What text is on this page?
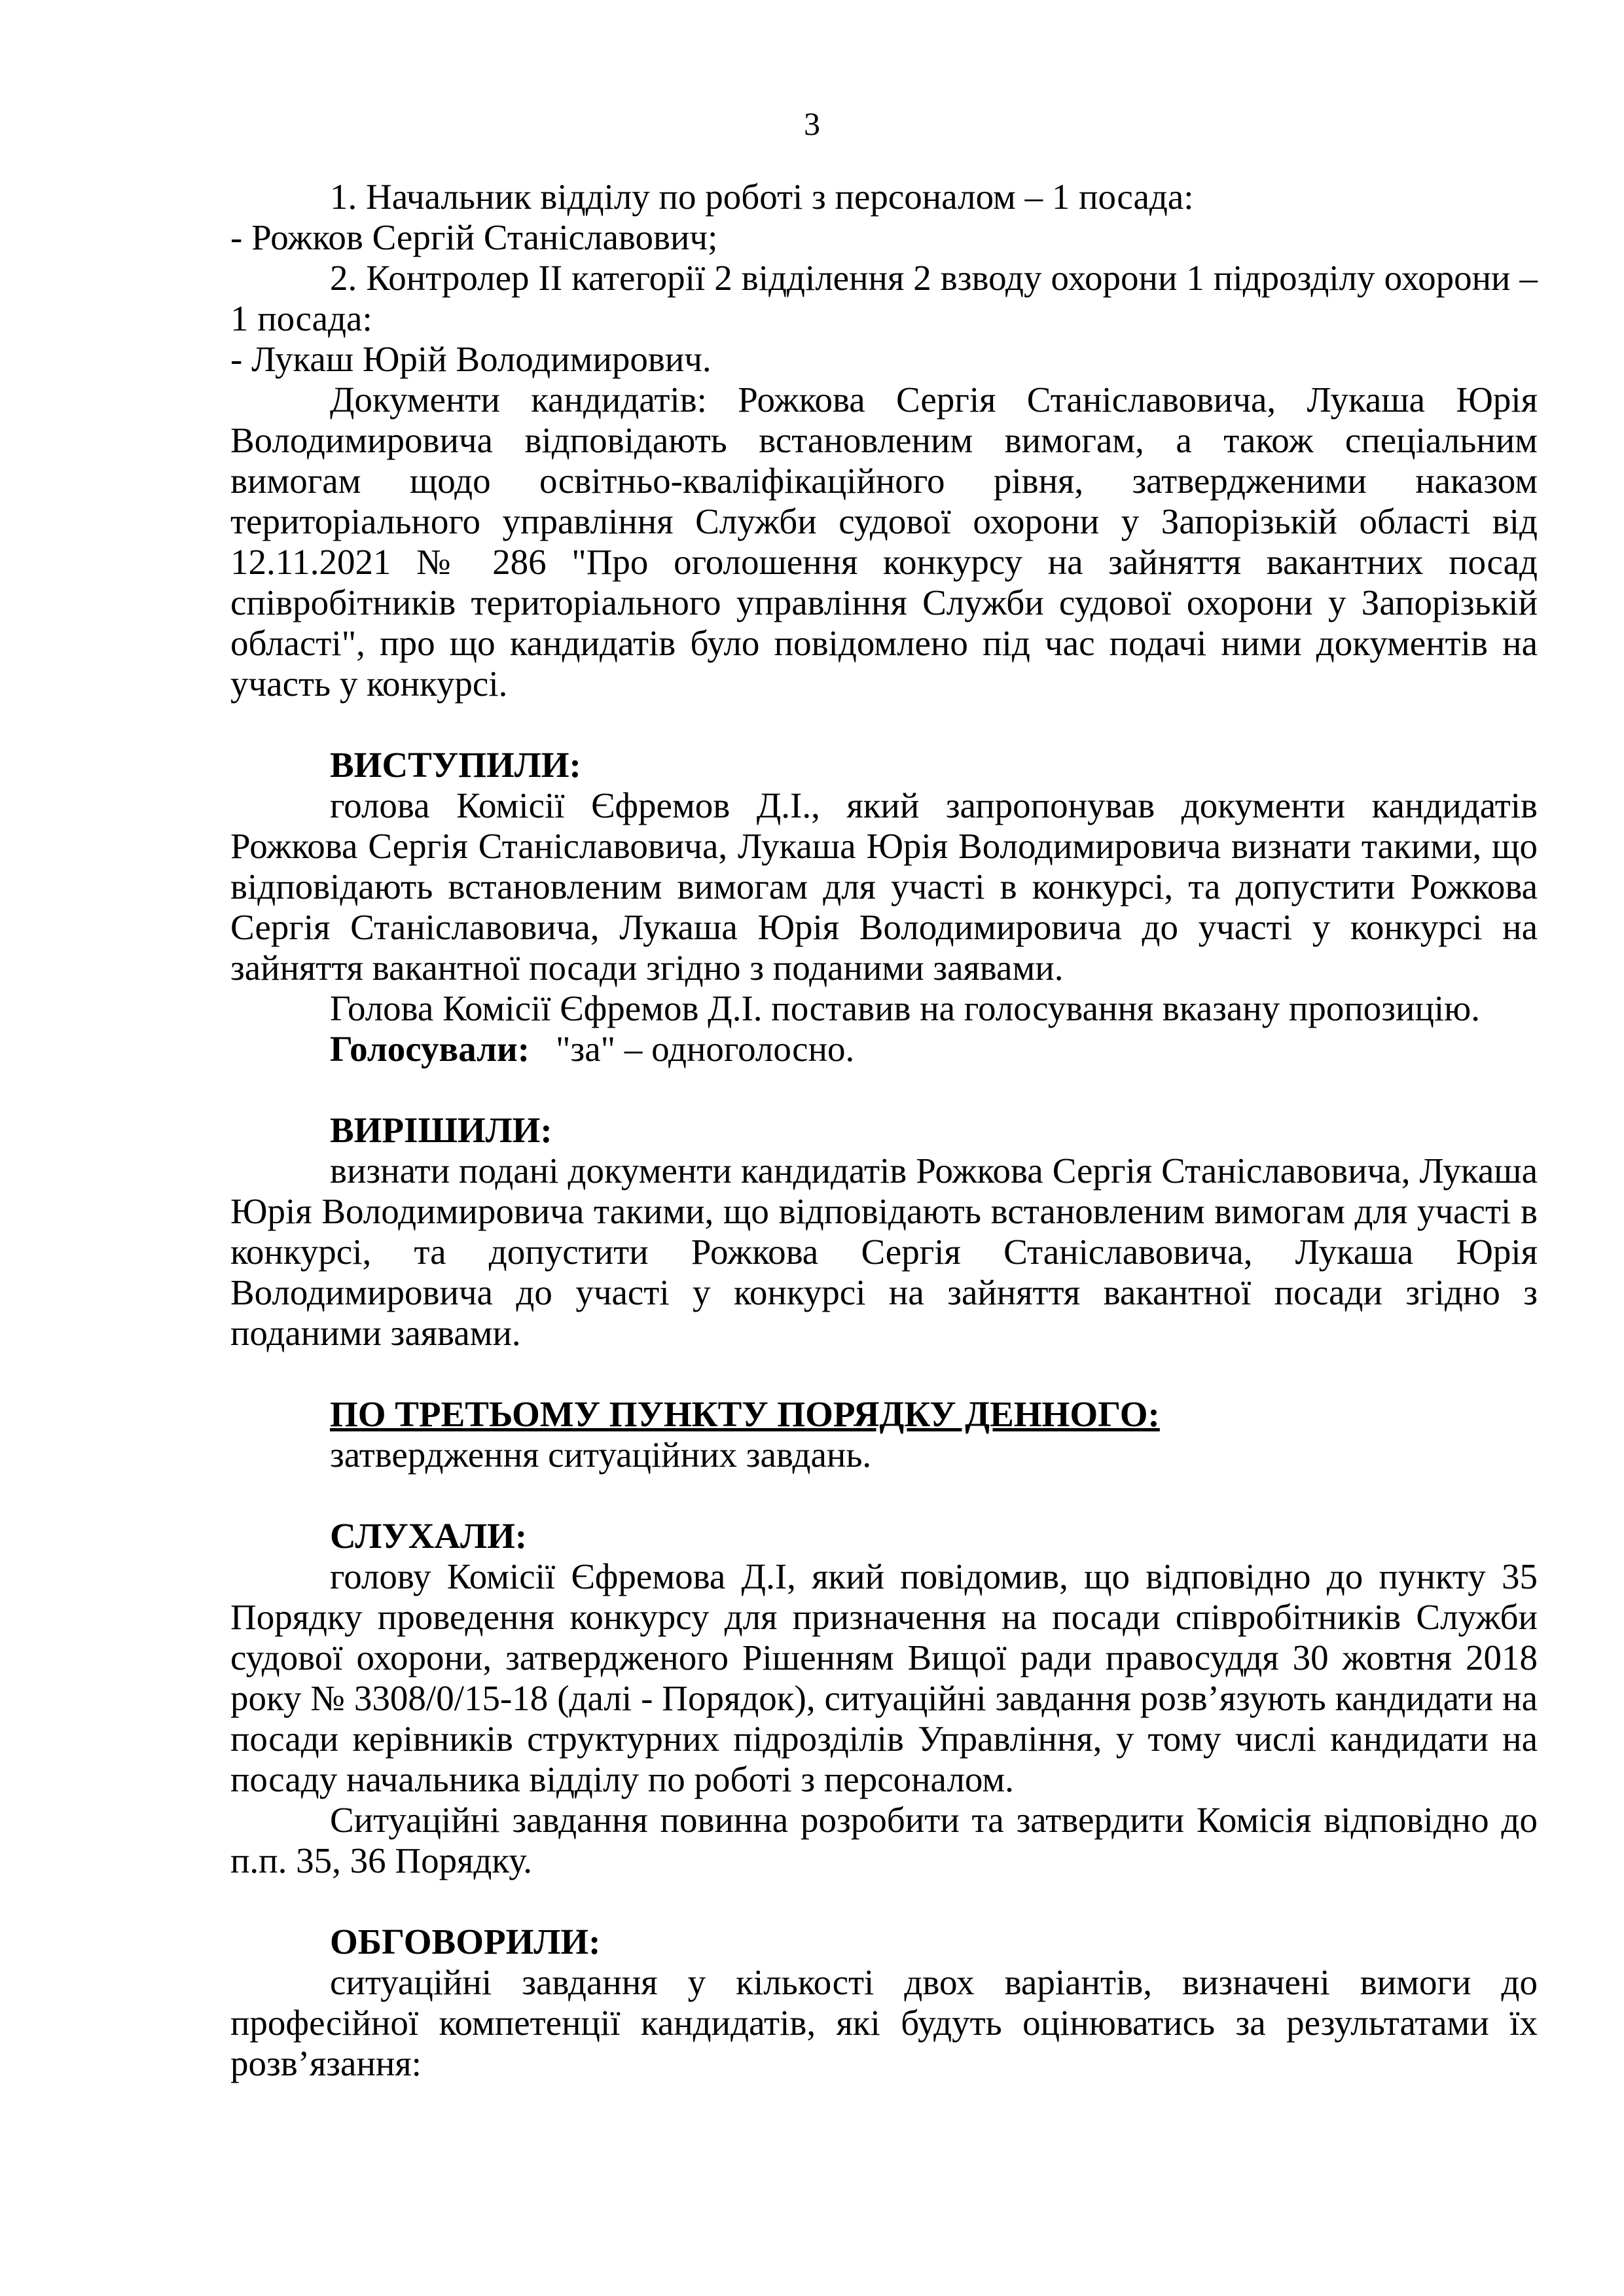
3

1. Начальник відділу по роботі з персоналом – 1 посада:

- Рожков Сергій Станіславович;

2. Контролер ІІ категорії 2 відділення 2 взводу охорони 1 підрозділу охорони – 1 посада:

- Лукаш Юрій Володимирович.

Документи кандидатів: Рожкова Сергія Станіславовича, Лукаша Юрія Володимировича відповідають встановленим вимогам, а також спеціальним вимогам щодо освітньо-кваліфікаційного рівня, затвердженими наказом територіального управління Служби судової охорони у Запорізькій області від 12.11.2021 № 286 "Про оголошення конкурсу на зайняття вакантних посад співробітників територіального управління Служби судової охорони у Запорізькій області", про що кандидатів було повідомлено під час подачі ними документів на участь у конкурсі.

ВИСТУПИЛИ:

голова Комісії Єфремов Д.І., який запропонував документи кандидатів Рожкова Сергія Станіславовича, Лукаша Юрія Володимировича визнати такими, що відповідають встановленим вимогам для участі в конкурсі, та допустити Рожкова Сергія Станіславовича, Лукаша Юрія Володимировича до участі у конкурсі на зайняття вакантної посади згідно з поданими заявами.

Голова Комісії Єфремов Д.І. поставив на голосування вказану пропозицію.

Голосували: "за" – одноголосно.

ВИРІШИЛИ:

визнати подані документи кандидатів Рожкова Сергія Станіславовича, Лукаша Юрія Володимировича такими, що відповідають встановленим вимогам для участі в конкурсі, та допустити Рожкова Сергія Станіславовича, Лукаша Юрія Володимировича до участі у конкурсі на зайняття вакантної посади згідно з поданими заявами.

ПО ТРЕТЬОМУ ПУНКТУ ПОРЯДКУ ДЕННОГО:

затвердження ситуаційних завдань.

СЛУХАЛИ:

голову Комісії Єфремова Д.І, який повідомив, що відповідно до пункту 35 Порядку проведення конкурсу для призначення на посади співробітників Служби судової охорони, затвердженого Рішенням Вищої ради правосуддя 30 жовтня 2018 року № 3308/0/15-18 (далі - Порядок), ситуаційні завдання розв’язують кандидати на посади керівників структурних підрозділів Управління, у тому числі кандидати на посаду начальника відділу по роботі з персоналом.

Ситуаційні завдання повинна розробити та затвердити Комісія відповідно до п.п. 35, 36 Порядку.

ОБГОВОРИЛИ:

ситуаційні завдання у кількості двох варіантів, визначені вимоги до професійної компетенції кандидатів, які будуть оцінюватись за результатами їх розв’язання:
